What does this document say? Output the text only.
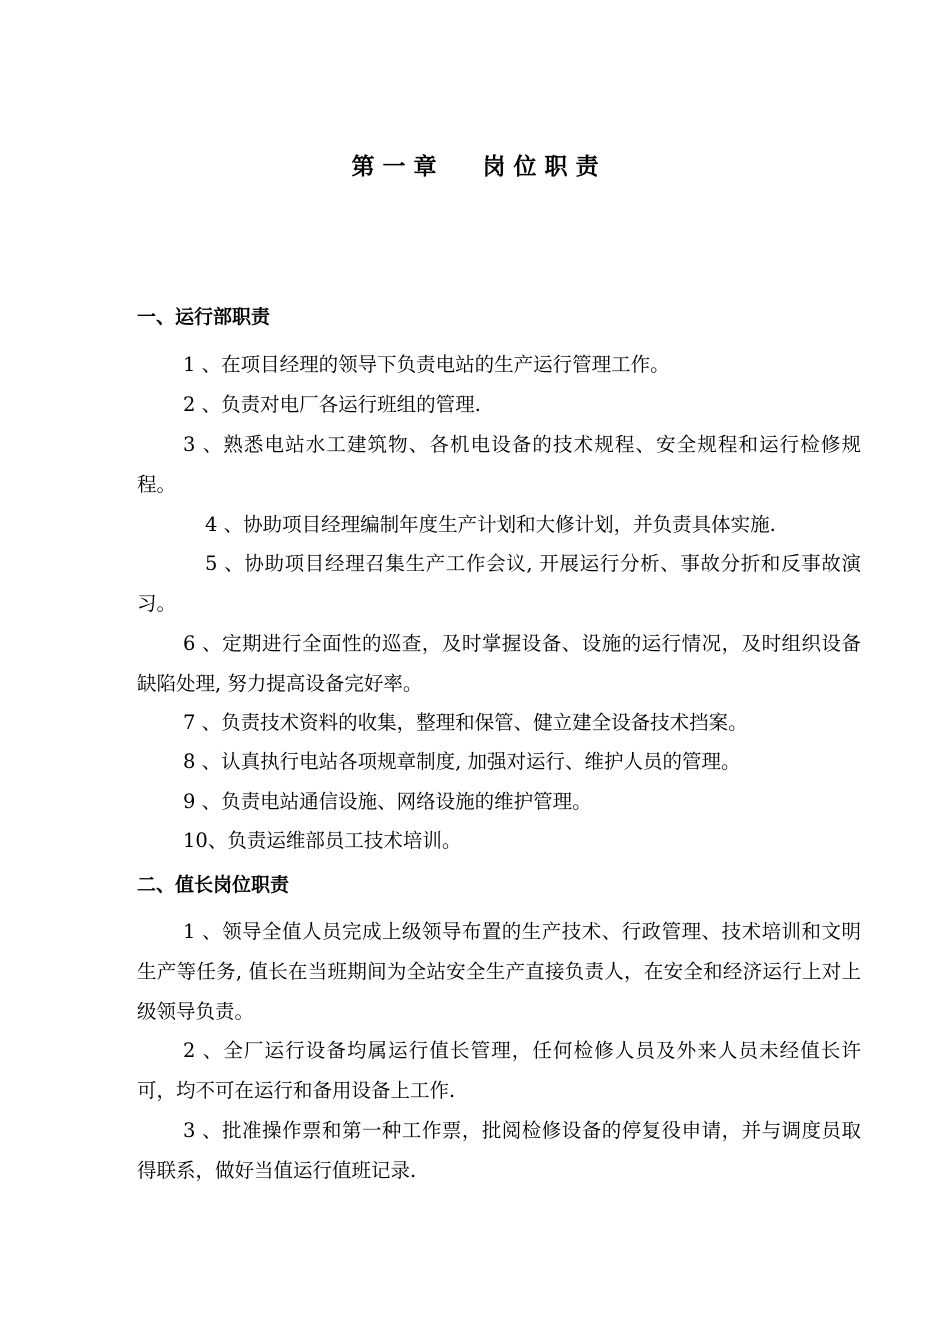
第 一 章 岗 位 职 责
一、运行部职责
1 、在项目经理的领导下负责电站的生产运行管理工作。
2 、负责对电厂各运行班组的管理.
3 、熟悉电站水工建筑物、各机电设备的技术规程、安全规程和运行检修规程。
4 、协助项目经理编制年度生产计划和大修计划，并负责具体实施.
5 、协助项目经理召集生产工作会议, 开展运行分析、事故分折和反事故演习。
6 、定期进行全面性的巡查，及时掌握设备、设施的运行情况，及时组织设备缺陷处理, 努力提高设备完好率。
7 、负责技术资料的收集，整理和保管、健立建全设备技术挡案。
8 、认真执行电站各项规章制度, 加强对运行、维护人员的管理。
9 、负责电站通信设施、网络设施的维护管理。
10、负责运维部员工技术培训。
二、值长岗位职责
1 、领导全值人员完成上级领导布置的生产技术、行政管理、技术培训和文明生产等任务, 值长在当班期间为全站安全生产直接负责人，在安全和经济运行上对上级领导负责。
2 、全厂运行设备均属运行值长管理，任何检修人员及外来人员未经值长许可，均不可在运行和备用设备上工作.
3 、批准操作票和第一种工作票，批阅检修设备的停复役申请，并与调度员取得联系，做好当值运行值班记录.
